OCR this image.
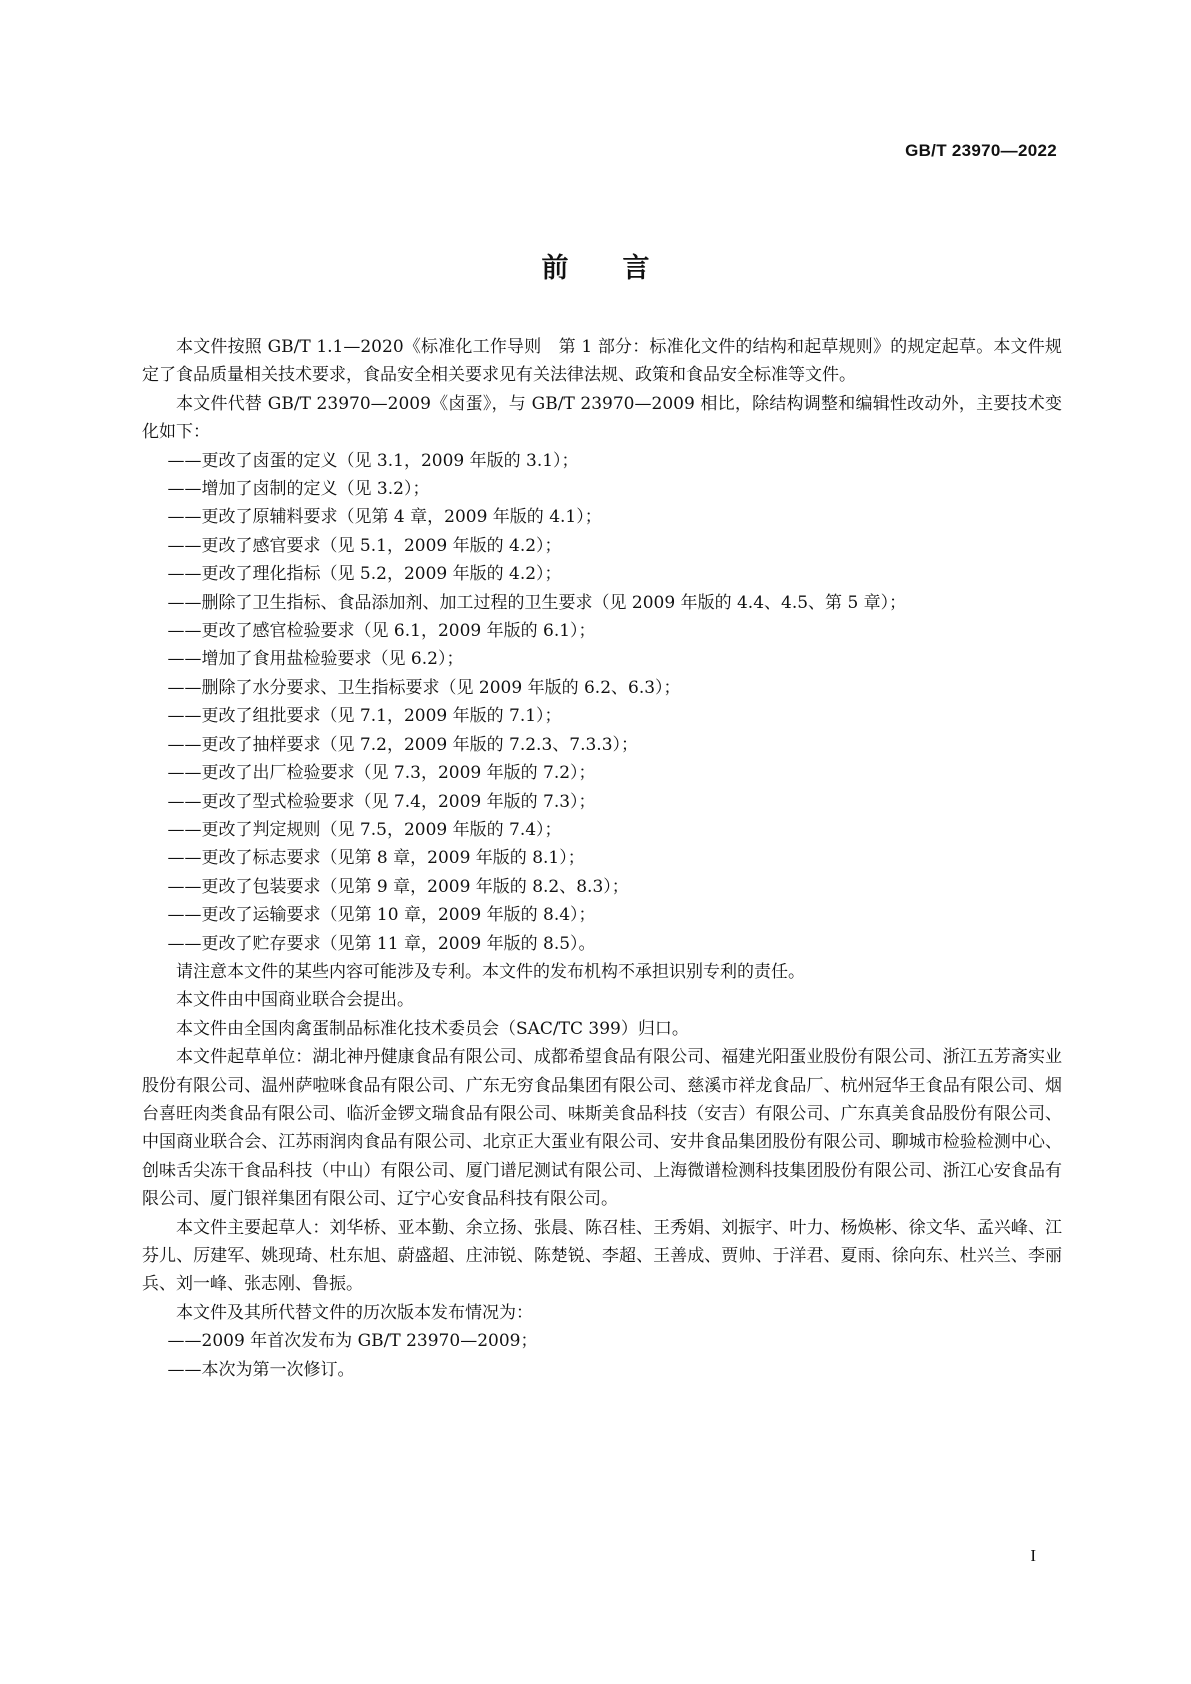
GB/T 23970—2022
前言

本文件按照 GB/T 1.1—2020《标准化工作导则　第 1 部分：标准化文件的结构和起草规则》的规定起草。本文件规定了食品质量相关技术要求，食品安全相关要求见有关法律法规、政策和食品安全标准等文件。

本文件代替 GB/T 23970—2009《卤蛋》，与 GB/T 23970—2009 相比，除结构调整和编辑性改动外，主要技术变化如下：

——更改了卤蛋的定义（见 3.1，2009 年版的 3.1）；

——增加了卤制的定义（见 3.2）；

——更改了原辅料要求（见第 4 章，2009 年版的 4.1）；

——更改了感官要求（见 5.1，2009 年版的 4.2）；

——更改了理化指标（见 5.2，2009 年版的 4.2）；

——删除了卫生指标、食品添加剂、加工过程的卫生要求（见 2009 年版的 4.4、4.5、第 5 章）；

——更改了感官检验要求（见 6.1，2009 年版的 6.1）；

——增加了食用盐检验要求（见 6.2）；

——删除了水分要求、卫生指标要求（见 2009 年版的 6.2、6.3）；

——更改了组批要求（见 7.1，2009 年版的 7.1）；

——更改了抽样要求（见 7.2，2009 年版的 7.2.3、7.3.3）；

——更改了出厂检验要求（见 7.3，2009 年版的 7.2）；

——更改了型式检验要求（见 7.4，2009 年版的 7.3）；

——更改了判定规则（见 7.5，2009 年版的 7.4）；

——更改了标志要求（见第 8 章，2009 年版的 8.1）；

——更改了包装要求（见第 9 章，2009 年版的 8.2、8.3）；

——更改了运输要求（见第 10 章，2009 年版的 8.4）；

——更改了贮存要求（见第 11 章，2009 年版的 8.5）。

请注意本文件的某些内容可能涉及专利。本文件的发布机构不承担识别专利的责任。

本文件由中国商业联合会提出。

本文件由全国肉禽蛋制品标准化技术委员会（SAC/TC 399）归口。

本文件起草单位：湖北神丹健康食品有限公司、成都希望食品有限公司、福建光阳蛋业股份有限公司、浙江五芳斋实业股份有限公司、温州萨啦咪食品有限公司、广东无穷食品集团有限公司、慈溪市祥龙食品厂、杭州冠华王食品有限公司、烟台喜旺肉类食品有限公司、临沂金锣文瑞食品有限公司、味斯美食品科技（安吉）有限公司、广东真美食品股份有限公司、中国商业联合会、江苏雨润肉食品有限公司、北京正大蛋业有限公司、安井食品集团股份有限公司、聊城市检验检测中心、创味舌尖冻干食品科技（中山）有限公司、厦门谱尼测试有限公司、上海微谱检测科技集团股份有限公司、浙江心安食品有限公司、厦门银祥集团有限公司、辽宁心安食品科技有限公司。

本文件主要起草人：刘华桥、亚本勤、余立扬、张晨、陈召桂、王秀娟、刘振宇、叶力、杨焕彬、徐文华、孟兴峰、江芬儿、厉建军、姚现琦、杜东旭、蔚盛超、庄沛锐、陈楚锐、李超、王善成、贾帅、于洋君、夏雨、徐向东、杜兴兰、李丽兵、刘一峰、张志刚、鲁振。

本文件及其所代替文件的历次版本发布情况为：

——2009 年首次发布为 GB/T 23970—2009；

——本次为第一次修订。

I
